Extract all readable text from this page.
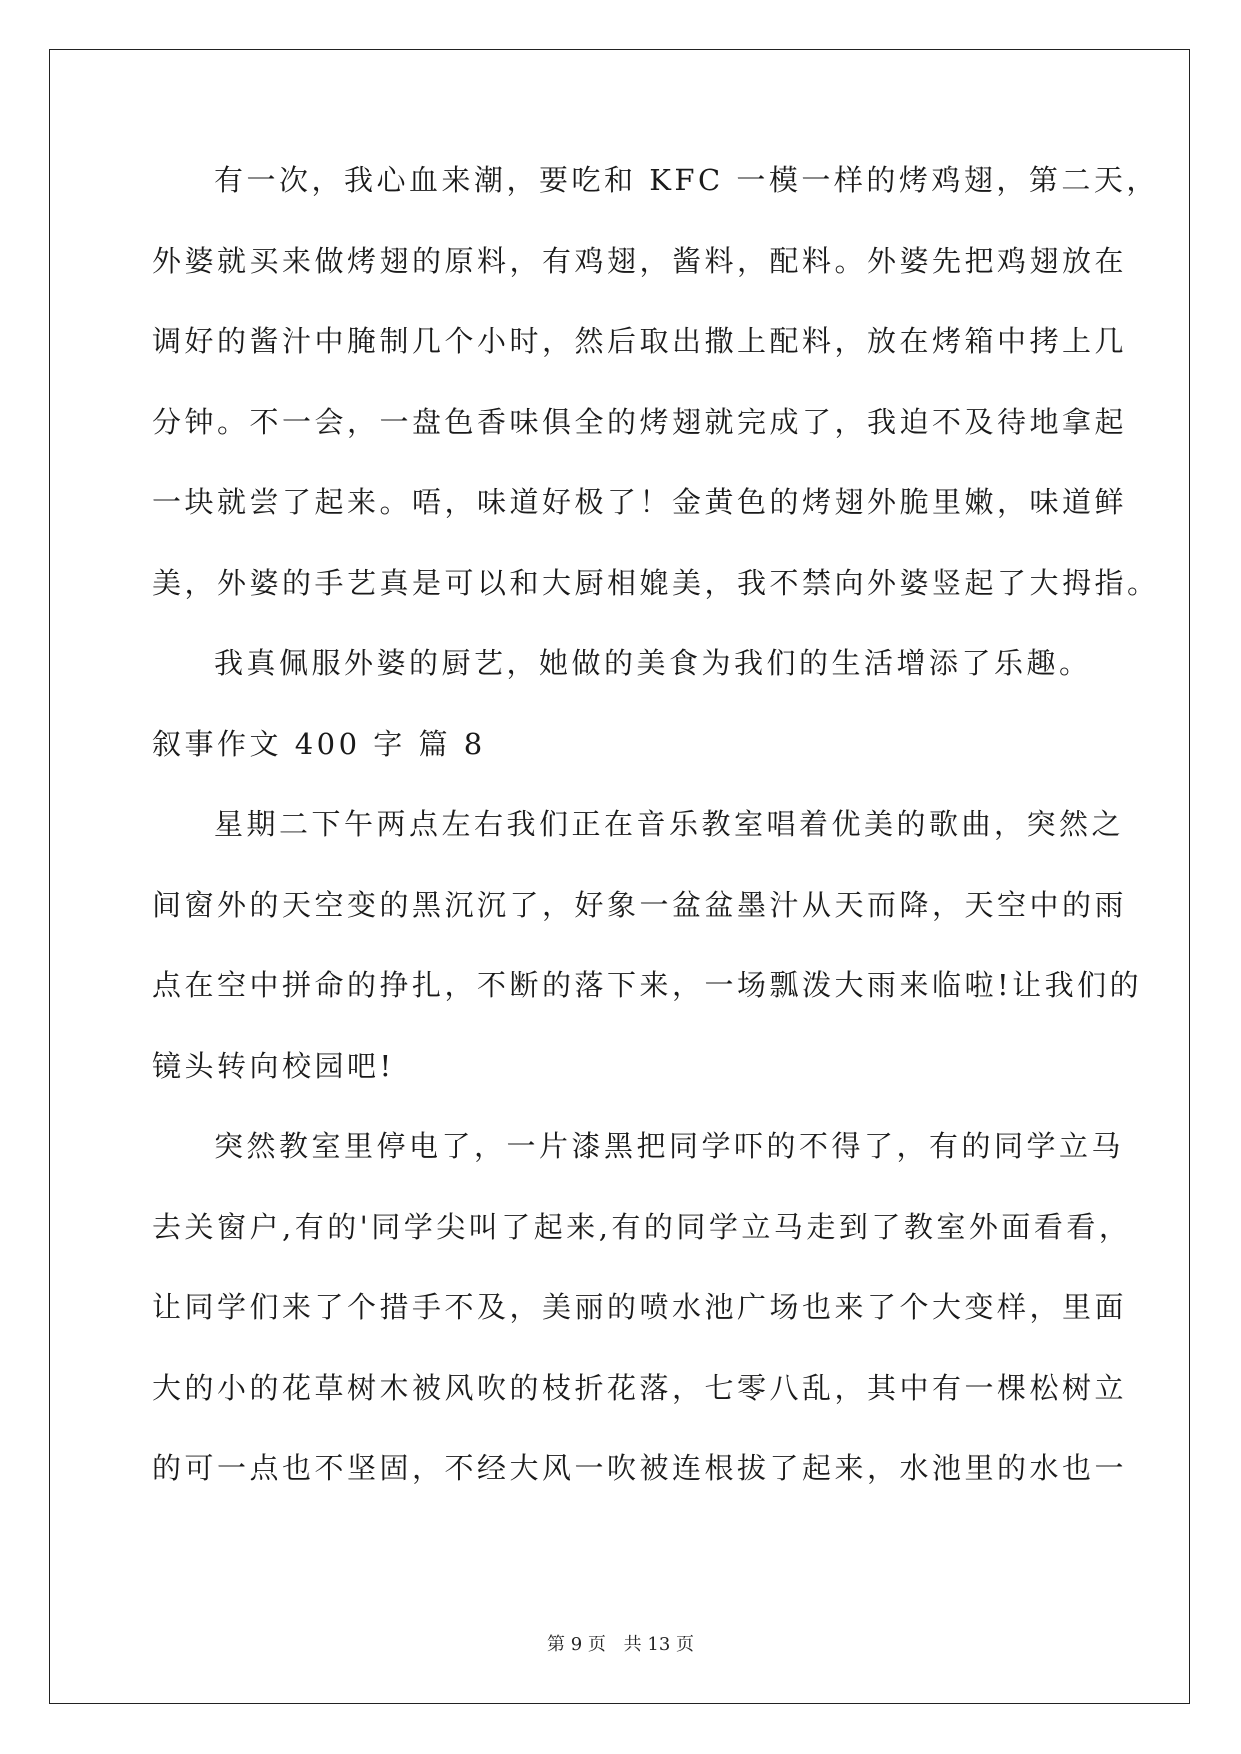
有一次，我心血来潮，要吃和 KFC 一模一样的烤鸡翅，第二天，
外婆就买来做烤翅的原料，有鸡翅，酱料，配料。外婆先把鸡翅放在
调好的酱汁中腌制几个小时，然后取出撒上配料，放在烤箱中拷上几
分钟。不一会，一盘色香味俱全的烤翅就完成了，我迫不及待地拿起
一块就尝了起来。唔，味道好极了！金黄色的烤翅外脆里嫩，味道鲜
美，外婆的手艺真是可以和大厨相媲美，我不禁向外婆竖起了大拇指。
我真佩服外婆的厨艺，她做的美食为我们的生活增添了乐趣。
叙事作文 400 字 篇 8
星期二下午两点左右我们正在音乐教室唱着优美的歌曲，突然之
间窗外的天空变的黑沉沉了，好象一盆盆墨汁从天而降，天空中的雨
点在空中拼命的挣扎，不断的落下来，一场瓢泼大雨来临啦!让我们的
镜头转向校园吧!
突然教室里停电了，一片漆黑把同学吓的不得了，有的同学立马
去关窗户,有的'同学尖叫了起来,有的同学立马走到了教室外面看看，
让同学们来了个措手不及，美丽的喷水池广场也来了个大变样，里面
大的小的花草树木被风吹的枝折花落，七零八乱，其中有一棵松树立
的可一点也不坚固，不经大风一吹被连根拔了起来，水池里的水也一
第 9 页 共 13 页
